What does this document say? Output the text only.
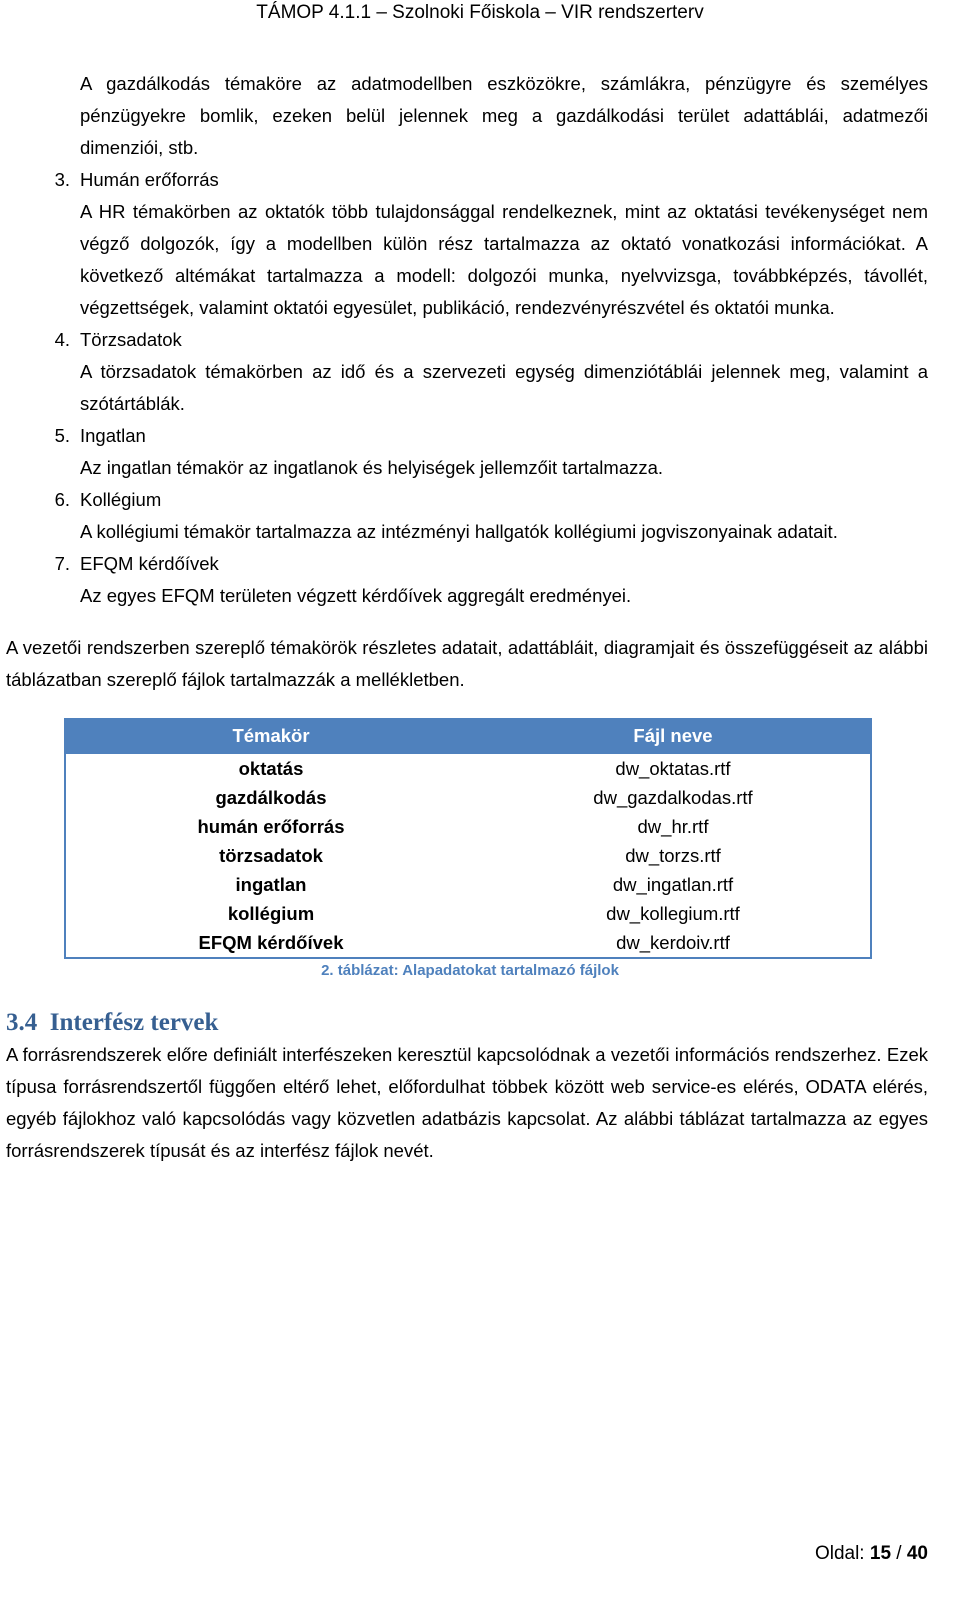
TÁMOP 4.1.1 – Szolnoki Főiskola – VIR rendszerterv
A gazdálkodás témaköre az adatmodellben eszközökre, számlákra, pénzügyre és személyes pénzügyekre bomlik, ezeken belül jelennek meg a gazdálkodási terület adattáblái, adatmezői dimenziói, stb.
3. Humán erőforrás
A HR témakörben az oktatók több tulajdonsággal rendelkeznek, mint az oktatási tevékenységet nem végző dolgozók, így a modellben külön rész tartalmazza az oktató vonatkozási információkat. A következő altémákat tartalmazza a modell: dolgozói munka, nyelvvizsga, továbbképzés, távollét, végzettségek, valamint oktatói egyesület, publikáció, rendezvényrészvétel és oktatói munka.
4. Törzsadatok
A törzsadatok témakörben az idő és a szervezeti egység dimenziótáblái jelennek meg, valamint a szótártáblák.
5. Ingatlan
Az ingatlan témakör az ingatlanok és helyiségek jellemzőit tartalmazza.
6. Kollégium
A kollégiumi témakör tartalmazza az intézményi hallgatók kollégiumi jogviszonyainak adatait.
7. EFQM kérdőívek
Az egyes EFQM területen végzett kérdőívek aggregált eredményei.
A vezetői rendszerben szereplő témakörök részletes adatait, adattábláit, diagramjait és összefüggéseit az alábbi táblázatban szereplő fájlok tartalmazzák a mellékletben.
Témakör	Fájl neve
oktatás	dw_oktatas.rtf
gazdálkodás	dw_gazdalkodas.rtf
humán erőforrás	dw_hr.rtf
törzsadatok	dw_torzs.rtf
ingatlan	dw_ingatlan.rtf
kollégium	dw_kollegium.rtf
EFQM kérdőívek	dw_kerdoiv.rtf
2. táblázat: Alapadatokat tartalmazó fájlok
3.4  Interfész tervek
A forrásrendszerek előre definiált interfészeken keresztül kapcsolódnak a vezetői információs rendszerhez. Ezek típusa forrásrendszertől függően eltérő lehet, előfordulhat többek között web service-es elérés, ODATA elérés, egyéb fájlokhoz való kapcsolódás vagy közvetlen adatbázis kapcsolat. Az alábbi táblázat tartalmazza az egyes forrásrendszerek típusát és az interfész fájlok nevét.
Oldal: 15 / 40
